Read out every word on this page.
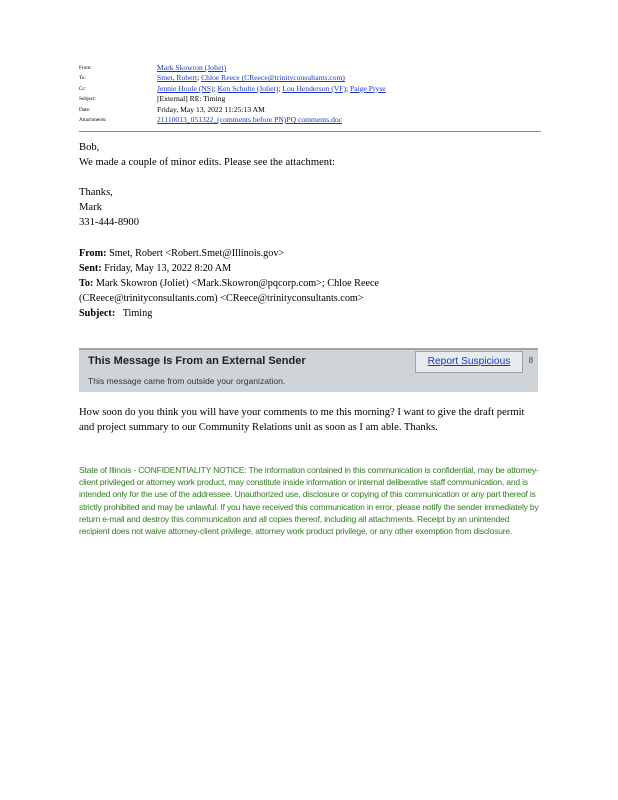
From:	Mark Skowron (Joliet)
To:	Smet, Robert; Chloe Reece (CReece@trinityconsultants.com)
Cc:	Jennie Houle (NS); Ken Schulte (Joliet); Lou Henderson (VF); Paige Pryse
Subject:	[External] RE: Timing
Date:	Friday, May 13, 2022 11:25:13 AM
Attachments:	21110013_051322_(comments before PN)PQ comments.doc

Bob,

We made a couple of minor edits. Please see the attachment:

Thanks,

Mark

331-444-8900

From: Smet, Robert <Robert.Smet@Illinois.gov>
Sent: Friday, May 13, 2022 8:20 AM
To: Mark Skowron (Joliet) <Mark.Skowron@pqcorp.com>; Chloe Reece
(CReece@trinityconsultants.com) <CReece@trinityconsultants.com>
Subject: Timing
This Message Is From an External Sender
This message came from outside your organization.
Report Suspicious	8
How soon do you think you will have your comments to me this morning? I want to give the draft permit and project summary to our Community Relations unit as soon as I am able. Thanks.
State of Illinois - CONFIDENTIALITY NOTICE: The information contained in this communication is confidential, may be attorney-client privileged or attorney work product, may constitute inside information or internal deliberative staff communication, and is intended only for the use of the addressee. Unauthorized use, disclosure or copying of this communication or any part thereof is strictly prohibited and may be unlawful. If you have received this communication in error, please notify the sender immediately by return e-mail and destroy this communication and all copies thereof, including all attachments. Receipt by an unintended recipient does not waive attorney-client privilege, attorney work product privilege, or any other exemption from disclosure.
